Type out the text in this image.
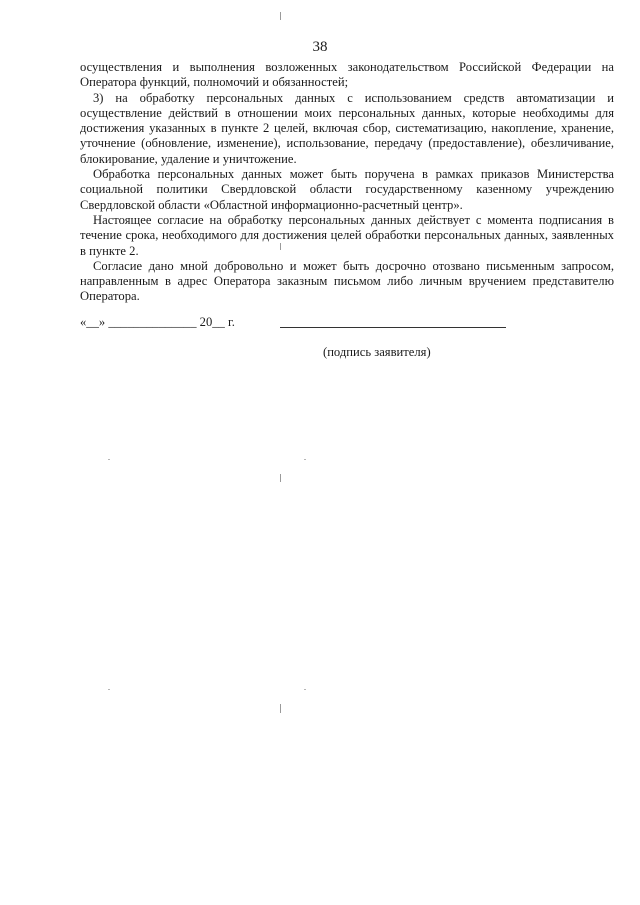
38

осуществления и выполнения возложенных законодательством Российской Федерации на Оператора функций, полномочий и обязанностей;

3) на обработку персональных данных с использованием средств автоматизации и осуществление действий в отношении моих персональных данных, которые необходимы для достижения указанных в пункте 2 целей, включая сбор, систематизацию, накопление, хранение, уточнение (обновление, изменение), использование, передачу (предоставление), обезличивание, блокирование, удаление и уничтожение.

Обработка персональных данных может быть поручена в рамках приказов Министерства социальной политики Свердловской области государственному казенному учреждению Свердловской области «Областной информационно-расчетный центр».

Настоящее согласие на обработку персональных данных действует с момента подписания в течение срока, необходимого для достижения целей обработки персональных данных, заявленных в пункте 2.

Согласие дано мной добровольно и может быть досрочно отозвано письменным запросом, направленным в адрес Оператора заказным письмом либо личным вручением представителю Оператора.

«__» ______________ 20__ г.
(подпись заявителя)
